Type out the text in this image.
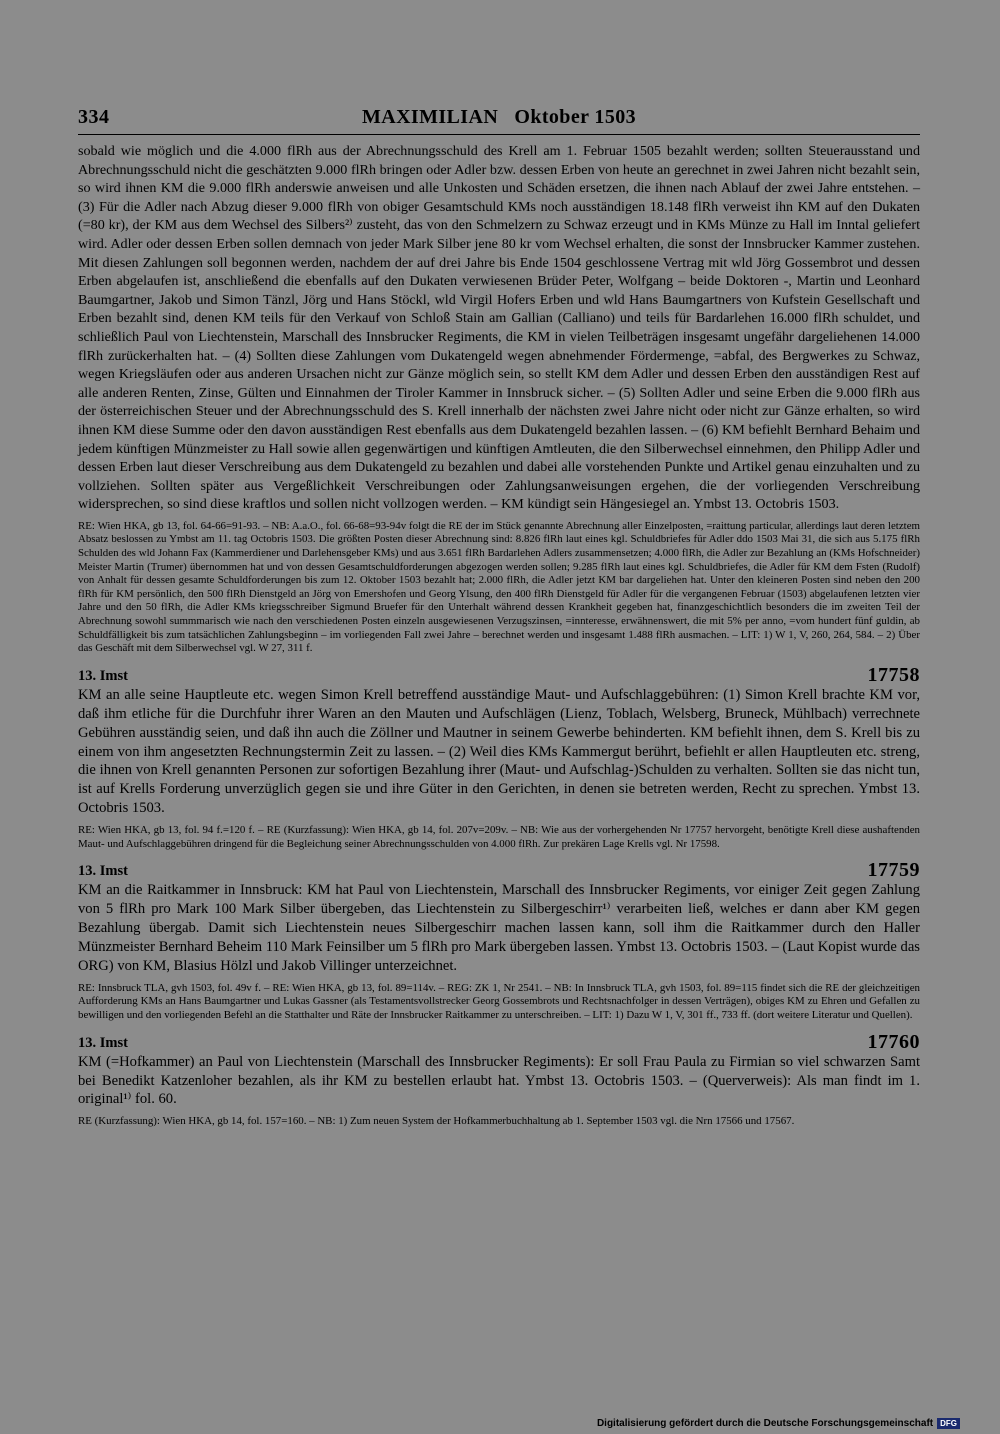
334	MAXIMILIAN   Oktober 1503

sobald wie möglich und die 4.000 flRh aus der Abrechnungsschuld des Krell am 1. Februar 1505 bezahlt werden; sollten Steuerausstand und Abrechnungsschuld nicht die geschätzten 9.000 flRh bringen oder Adler bzw. dessen Erben von heute an gerechnet in zwei Jahren nicht bezahlt sein, so wird ihnen KM die 9.000 flRh anderswie anweisen und alle Unkosten und Schäden ersetzen, die ihnen nach Ablauf der zwei Jahre entstehen. – (3) Für die Adler nach Abzug dieser 9.000 flRh von obiger Gesamtschuld KMs noch ausständigen 18.148 flRh verweist ihn KM auf den Dukaten (=80 kr), der KM aus dem Wechsel des Silbers²⁾ zusteht, das von den Schmelzern zu Schwaz erzeugt und in KMs Münze zu Hall im Inntal geliefert wird. Adler oder dessen Erben sollen demnach von jeder Mark Silber jene 80 kr vom Wechsel erhalten, die sonst der Innsbrucker Kammer zustehen. Mit diesen Zahlungen soll begonnen werden, nachdem der auf drei Jahre bis Ende 1504 geschlossene Vertrag mit wld Jörg Gossembrot und dessen Erben abgelaufen ist, anschließend die ebenfalls auf den Dukaten verwiesenen Brüder Peter, Wolfgang – beide Doktoren -, Martin und Leonhard Baumgartner, Jakob und Simon Tänzl, Jörg und Hans Stöckl, wld Virgil Hofers Erben und wld Hans Baumgartners von Kufstein Gesellschaft und Erben bezahlt sind, denen KM teils für den Verkauf von Schloß Stain am Gallian (Calliano) und teils für Bardarlehen 16.000 flRh schuldet, und schließlich Paul von Liechtenstein, Marschall des Innsbrucker Regiments, die KM in vielen Teilbeträgen insgesamt ungefähr dargeliehenen 14.000 flRh zurückerhalten hat. – (4) Sollten diese Zahlungen vom Dukatengeld wegen abnehmender Fördermenge, =abfal, des Bergwerkes zu Schwaz, wegen Kriegsläufen oder aus anderen Ursachen nicht zur Gänze möglich sein, so stellt KM dem Adler und dessen Erben den ausständigen Rest auf alle anderen Renten, Zinse, Gülten und Einnahmen der Tiroler Kammer in Innsbruck sicher. – (5) Sollten Adler und seine Erben die 9.000 flRh aus der österreichischen Steuer und der Abrechnungsschuld des S. Krell innerhalb der nächsten zwei Jahre nicht oder nicht zur Gänze erhalten, so wird ihnen KM diese Summe oder den davon ausständigen Rest ebenfalls aus dem Dukatengeld bezahlen lassen. – (6) KM befiehlt Bernhard Behaim und jedem künftigen Münzmeister zu Hall sowie allen gegenwärtigen und künftigen Amtleuten, die den Silberwechsel einnehmen, den Philipp Adler und dessen Erben laut dieser Verschreibung aus dem Dukatengeld zu bezahlen und dabei alle vorstehenden Punkte und Artikel genau einzuhalten und zu vollziehen. Sollten später aus Vergeßlichkeit Verschreibungen oder Zahlungsanweisungen ergehen, die der vorliegenden Verschreibung widersprechen, so sind diese kraftlos und sollen nicht vollzogen werden. – KM kündigt sein Hängesiegel an. Ymbst 13. Octobris 1503.

RE: Wien HKA, gb 13, fol. 64-66=91-93. – NB: A.a.O., fol. 66-68=93-94v folgt die RE der im Stück genannte Abrechnung aller Einzelposten, =raittung particular, allerdings laut deren letztem Absatz beslossen zu Ymbst am 11. tag Octobris 1503. Die größten Posten dieser Abrechnung sind: 8.826 flRh laut eines kgl. Schuldbriefes für Adler ddo 1503 Mai 31, die sich aus 5.175 flRh Schulden des wld Johann Fax (Kammerdiener und Darlehensgeber KMs) und aus 3.651 flRh Bardarlehen Adlers zusammensetzen; 4.000 flRh, die Adler zur Bezahlung an (KMs Hofschneider) Meister Martin (Trumer) übernommen hat und von dessen Gesamtschuldforderungen abgezogen werden sollen; 9.285 flRh laut eines kgl. Schuldbriefes, die Adler für KM dem Fsten (Rudolf) von Anhalt für dessen gesamte Schuldforderungen bis zum 12. Oktober 1503 bezahlt hat; 2.000 flRh, die Adler jetzt KM bar dargeliehen hat. Unter den kleineren Posten sind neben den 200 flRh für KM persönlich, den 500 flRh Dienstgeld an Jörg von Emershofen und Georg Ylsung, den 400 flRh Dienstgeld für Adler für die vergangenen Februar (1503) abgelaufenen letzten vier Jahre und den 50 flRh, die Adler KMs kriegsschreiber Sigmund Bruefer für den Unterhalt während dessen Krankheit gegeben hat, finanzgeschichtlich besonders die im zweiten Teil der Abrechnung sowohl summmarisch wie nach den verschiedenen Posten einzeln ausgewiesenen Verzugszinsen, =innteresse, erwähnenswert, die mit 5% per anno, =vom hundert fünf guldin, ab Schuldfälligkeit bis zum tatsächlichen Zahlungsbeginn – im vorliegenden Fall zwei Jahre – berechnet werden und insgesamt 1.488 flRh ausmachen. – LIT: 1) W 1, V, 260, 264, 584. – 2) Über das Geschäft mit dem Silberwechsel vgl. W 27, 311 f.

13. Imst	17758

KM an alle seine Hauptleute etc. wegen Simon Krell betreffend ausständige Maut- und Aufschlaggebühren: (1) Simon Krell brachte KM vor, daß ihm etliche für die Durchfuhr ihrer Waren an den Mauten und Aufschlägen (Lienz, Toblach, Welsberg, Bruneck, Mühlbach) verrechnete Gebühren ausständig seien, und daß ihn auch die Zöllner und Mautner in seinem Gewerbe behinderten. KM befiehlt ihnen, dem S. Krell bis zu einem von ihm angesetzten Rechnungstermin Zeit zu lassen. – (2) Weil dies KMs Kammergut berührt, befiehlt er allen Hauptleuten etc. streng, die ihnen von Krell genannten Personen zur sofortigen Bezahlung ihrer (Maut- und Aufschlag-)Schulden zu verhalten. Sollten sie das nicht tun, ist auf Krells Forderung unverzüglich gegen sie und ihre Güter in den Gerichten, in denen sie betreten werden, Recht zu sprechen. Ymbst 13. Octobris 1503.

RE: Wien HKA, gb 13, fol. 94 f.=120 f. – RE (Kurzfassung): Wien HKA, gb 14, fol. 207v=209v. – NB: Wie aus der vorhergehenden Nr 17757 hervorgeht, benötigte Krell diese aushaftenden Maut- und Aufschlaggebühren dringend für die Begleichung seiner Abrechnungsschulden von 4.000 flRh. Zur prekären Lage Krells vgl. Nr 17598.

13. Imst	17759

KM an die Raitkammer in Innsbruck: KM hat Paul von Liechtenstein, Marschall des Innsbrucker Regiments, vor einiger Zeit gegen Zahlung von 5 flRh pro Mark 100 Mark Silber übergeben, das Liechtenstein zu Silbergeschirr¹⁾ verarbeiten ließ, welches er dann aber KM gegen Bezahlung übergab. Damit sich Liechtenstein neues Silbergeschirr machen lassen kann, soll ihm die Raitkammer durch den Haller Münzmeister Bernhard Beheim 110 Mark Feinsilber um 5 flRh pro Mark übergeben lassen. Ymbst 13. Octobris 1503. – (Laut Kopist wurde das ORG) von KM, Blasius Hölzl und Jakob Villinger unterzeichnet.

RE: Innsbruck TLA, gvh 1503, fol. 49v f. – RE: Wien HKA, gb 13, fol. 89=114v. – REG: ZK 1, Nr 2541. – NB: In Innsbruck TLA, gvh 1503, fol. 89=115 findet sich die RE der gleichzeitigen Aufforderung KMs an Hans Baumgartner und Lukas Gassner (als Testamentsvollstrecker Georg Gossembrots und Rechtsnachfolger in dessen Verträgen), obiges KM zu Ehren und Gefallen zu bewilligen und den vorliegenden Befehl an die Statthalter und Räte der Innsbrucker Raitkammer zu unterschreiben. – LIT: 1) Dazu W 1, V, 301 ff., 733 ff. (dort weitere Literatur und Quellen).

13. Imst	17760

KM (=Hofkammer) an Paul von Liechtenstein (Marschall des Innsbrucker Regiments): Er soll Frau Paula zu Firmian so viel schwarzen Samt bei Benedikt Katzenloher bezahlen, als ihr KM zu bestellen erlaubt hat. Ymbst 13. Octobris 1503. – (Querverweis): Als man findt im 1. original¹⁾ fol. 60.

RE (Kurzfassung): Wien HKA, gb 14, fol. 157=160. – NB: 1) Zum neuen System der Hofkammerbuchhaltung ab 1. September 1503 vgl. die Nrn 17566 und 17567.

Digitalisierung gefördert durch die Deutsche Forschungsgemeinschaft DFG
